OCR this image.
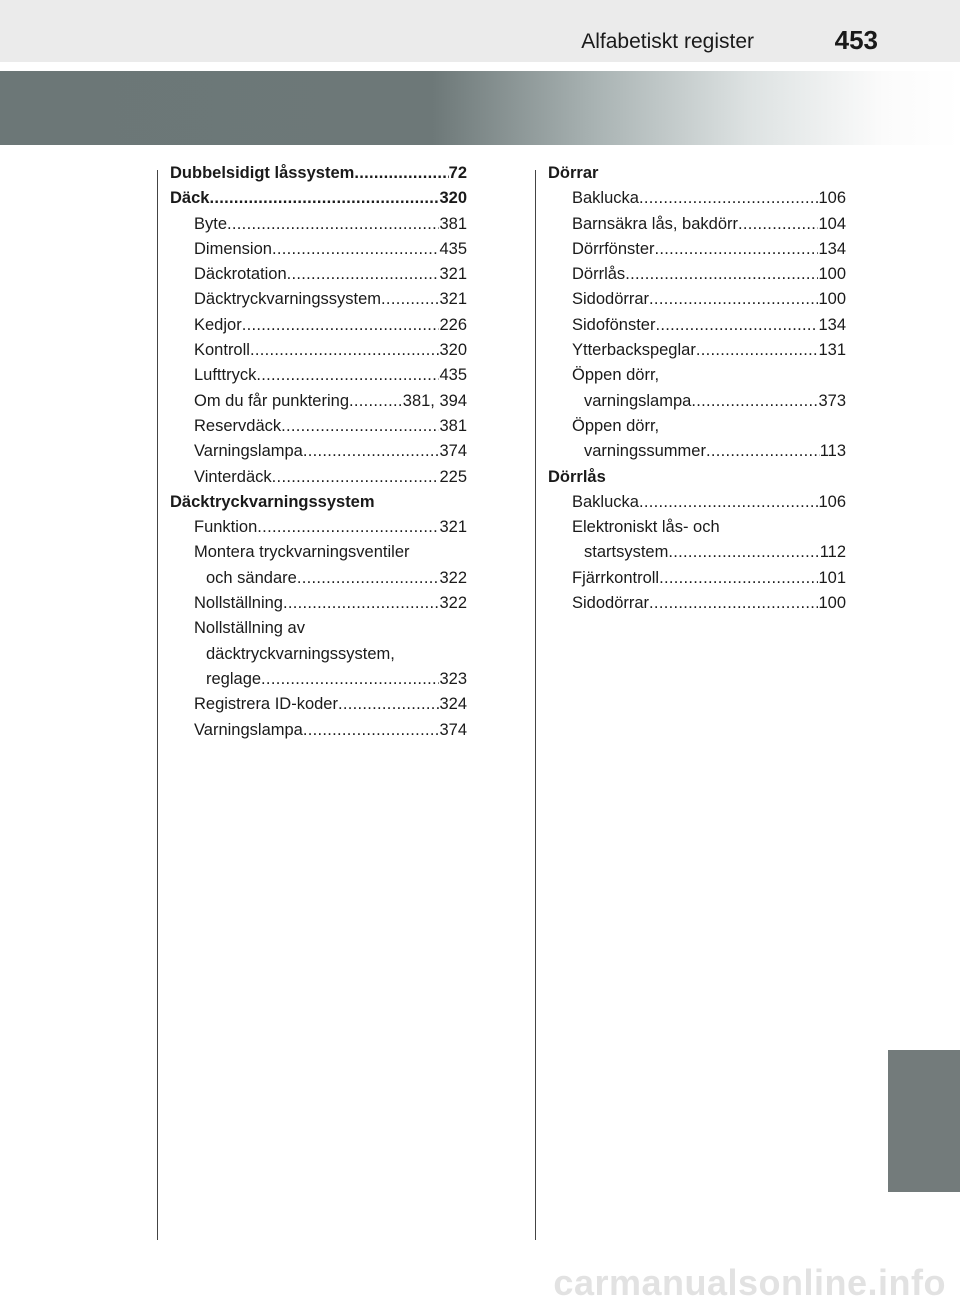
Alfabetiskt register	453
Dubbelsidigt låssystem .....	72
Däck .....	320
Byte .....	381
Dimension .....	435
Däckrotation .....	321
Däcktryckvarningssystem .....	321
Kedjor .....	226
Kontroll .....	320
Lufttryck .....	435
Om du får punktering .....	381, 394
Reservdäck .....	381
Varningslampa .....	374
Vinterdäck .....	225
Däcktryckvarningssystem
Funktion .....	321
Montera tryckvarningsventiler
och sändare .....	322
Nollställning .....	322
Nollställning av
däcktryckvarningssystem,
reglage .....	323
Registrera ID-koder .....	324
Varningslampa .....	374
Dörrar
Baklucka .....	106
Barnsäkra lås, bakdörr .....	104
Dörrfönster .....	134
Dörrlås .....	100
Sidodörrar .....	100
Sidofönster .....	134
Ytterbackspeglar .....	131
Öppen dörr,
varningslampa .....	373
Öppen dörr,
varningssummer .....	113
Dörrlås
Baklucka .....	106
Elektroniskt lås- och
startsystem .....	112
Fjärrkontroll .....	101
Sidodörrar .....	100
carmanualsonline.info
